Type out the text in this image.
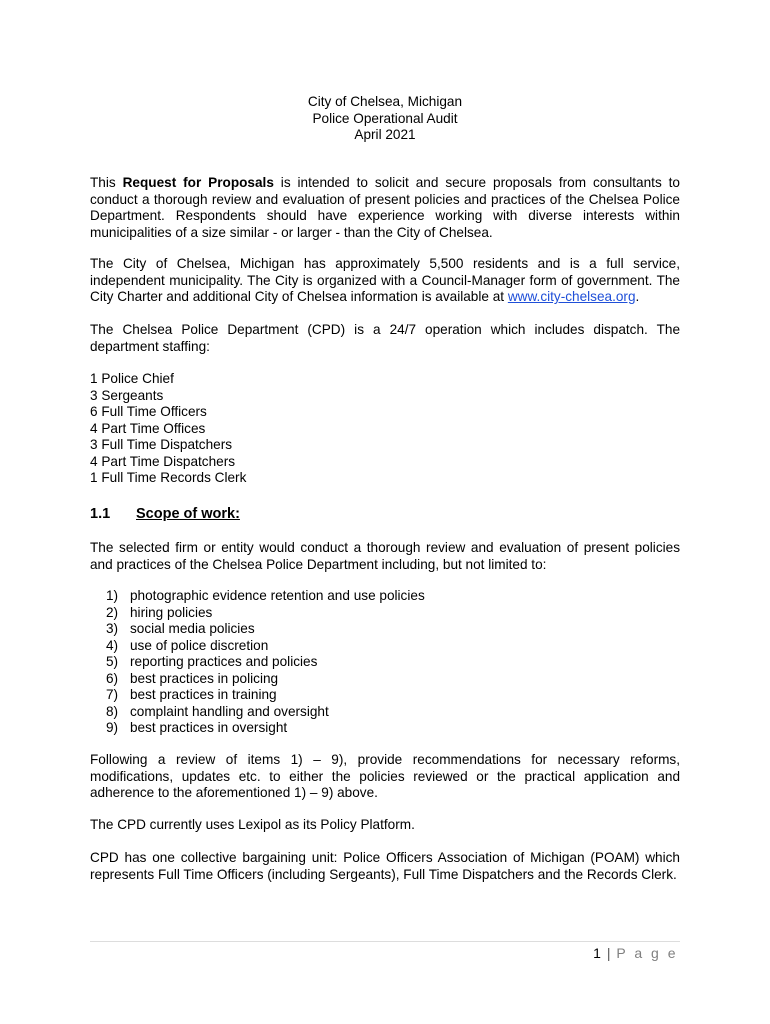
City of Chelsea, Michigan
Police Operational Audit
April 2021
This Request for Proposals is intended to solicit and secure proposals from consultants to conduct a thorough review and evaluation of present policies and practices of the Chelsea Police Department. Respondents should have experience working with diverse interests within municipalities of a size similar - or larger - than the City of Chelsea.
The City of Chelsea, Michigan has approximately 5,500 residents and is a full service, independent municipality. The City is organized with a Council-Manager form of government. The City Charter and additional City of Chelsea information is available at www.city-chelsea.org.
The Chelsea Police Department (CPD) is a 24/7 operation which includes dispatch. The department staffing:
1 Police Chief
3 Sergeants
6 Full Time Officers
4 Part Time Offices
3 Full Time Dispatchers
4 Part Time Dispatchers
1 Full Time Records Clerk
1.1 Scope of work:
The selected firm or entity would conduct a thorough review and evaluation of present policies and practices of the Chelsea Police Department including, but not limited to:
1) photographic evidence retention and use policies
2) hiring policies
3) social media policies
4) use of police discretion
5) reporting practices and policies
6) best practices in policing
7) best practices in training
8) complaint handling and oversight
9) best practices in oversight
Following a review of items 1) – 9), provide recommendations for necessary reforms, modifications, updates etc. to either the policies reviewed or the practical application and adherence to the aforementioned 1) – 9) above.
The CPD currently uses Lexipol as its Policy Platform.
CPD has one collective bargaining unit: Police Officers Association of Michigan (POAM) which represents Full Time Officers (including Sergeants), Full Time Dispatchers and the Records Clerk.
1 | P a g e
